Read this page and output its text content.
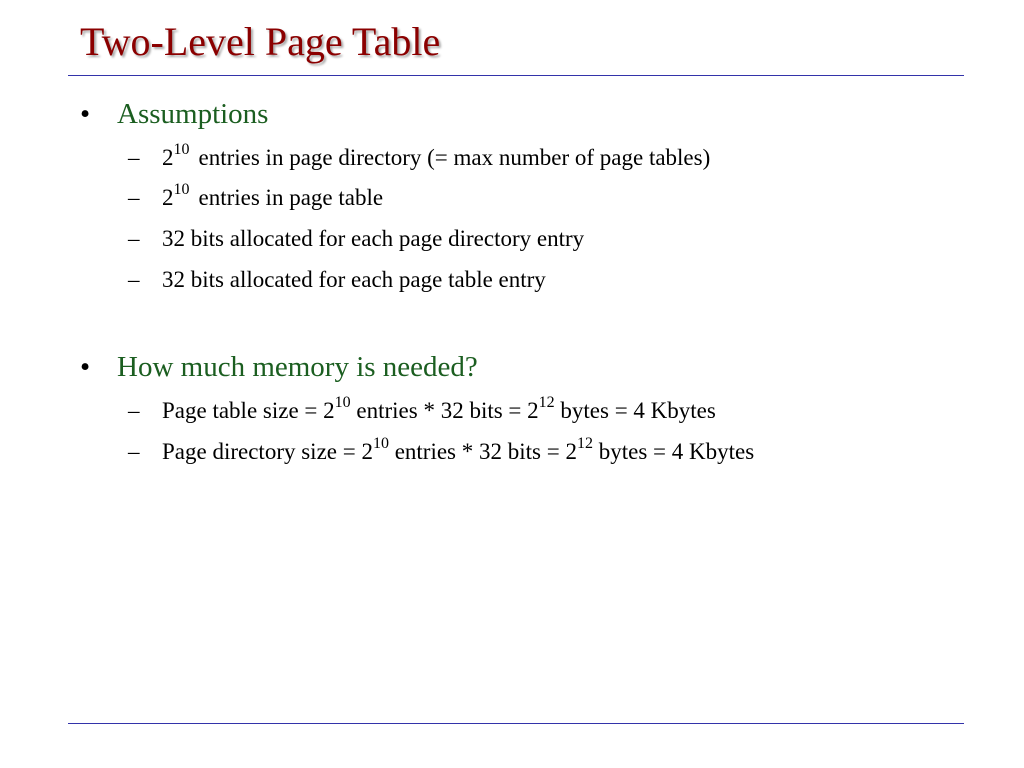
Two-Level Page Table
• Assumptions
– $2^{10}$ entries in page directory (= max number of page tables)
– $2^{10}$ entries in page table
– 32 bits allocated for each page directory entry
– 32 bits allocated for each page table entry
• How much memory is needed?
– Page table size = $2^{10}$ entries * 32 bits = $2^{12}$ bytes = 4 Kbytes
– Page directory size = $2^{10}$ entries * 32 bits = $2^{12}$ bytes = 4 Kbytes
